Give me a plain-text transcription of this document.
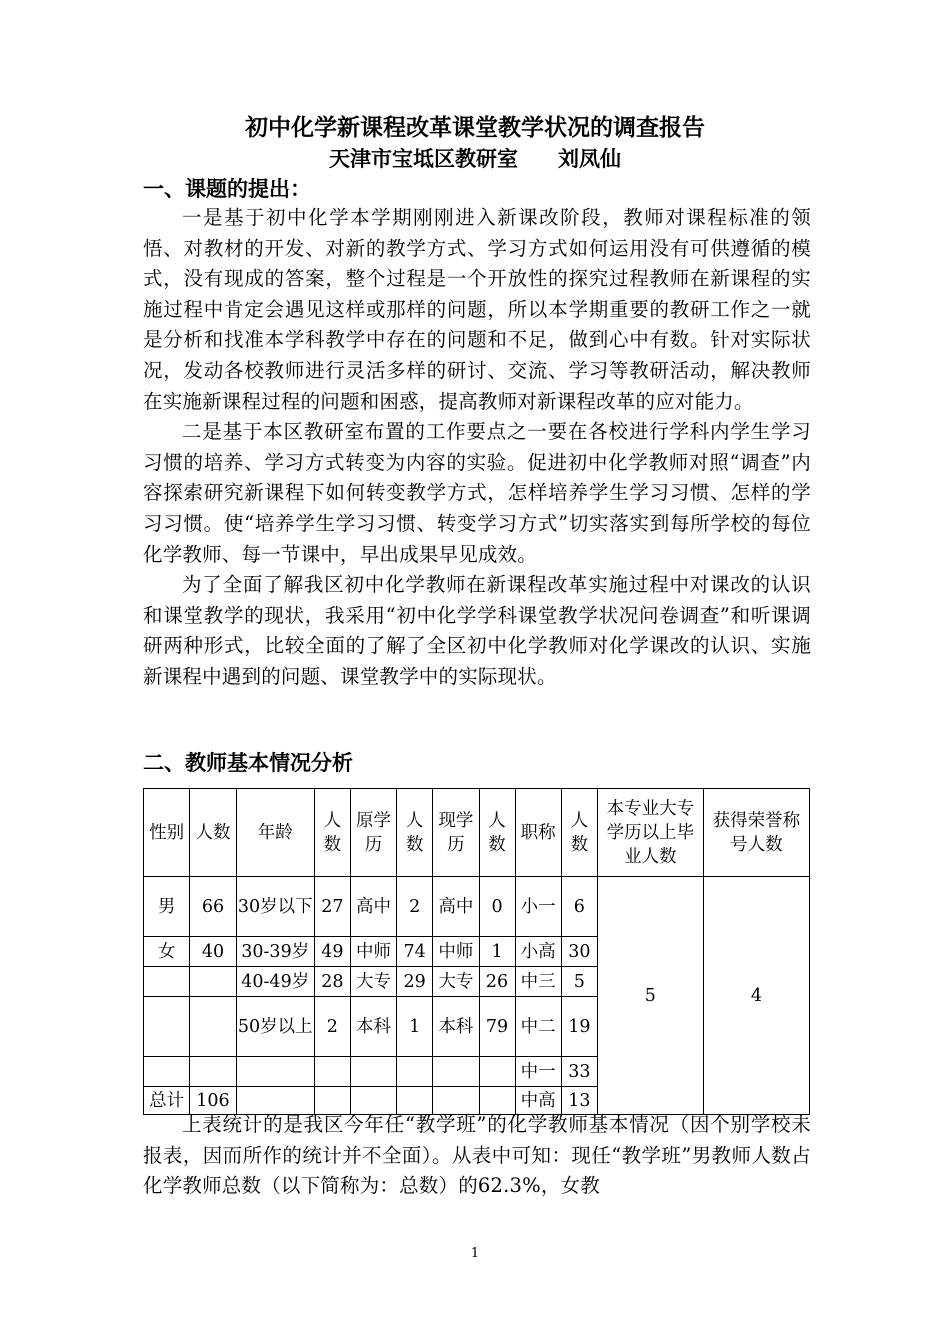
初中化学新课程改革课堂教学状况的调查报告
天津市宝坻区教研室 刘凤仙
一、课题的提出：

一是基于初中化学本学期刚刚进入新课改阶段，教师对课程标准的领悟、对教材的开发、对新的教学方式、学习方式如何运用没有可供遵循的模式，没有现成的答案，整个过程是一个开放性的探究过程教师在新课程的实施过程中肯定会遇见这样或那样的问题，所以本学期重要的教研工作之一就是分析和找准本学科教学中存在的问题和不足，做到心中有数。针对实际状况，发动各校教师进行灵活多样的研讨、交流、学习等教研活动，解决教师在实施新课程过程的问题和困惑，提高教师对新课程改革的应对能力。

二是基于本区教研室布置的工作要点之一要在各校进行学科内学生学习习惯的培养、学习方式转变为内容的实验。促进初中化学教师对照“调查”内容探索研究新课程下如何转变教学方式，怎样培养学生学习习惯、怎样的学习习惯。使“培养学生学习习惯、转变学习方式”切实落实到每所学校的每位化学教师、每一节课中，早出成果早见成效。

为了全面了解我区初中化学教师在新课程改革实施过程中对课改的认识和课堂教学的现状，我采用“初中化学学科课堂教学状况问卷调查”和听课调研两种形式，比较全面的了解了全区初中化学教师对化学课改的认识、实施新课程中遇到的问题、课堂教学中的实际现状。

二、教师基本情况分析
性别	人数	年龄	人数	原学历	人数	现学历	人数	职称	人数	本专业大专学历以上毕业人数	获得荣誉称号人数
男	66	30岁以下	27	高中	2	高中	0	小一	6	5	4
女	40	30-39岁	49	中师	74	中师	1	小高	30		
		40-49岁	28	大专	29	大专	26	中三	5		
		50岁以上	2	本科	1	本科	79	中二	19		
								中一	33		
总计	106							中高	13		

上表统计的是我区今年任“教学班”的化学教师基本情况（因个别学校未报表，因而所作的统计并不全面）。从表中可知：现任“教学班”男教师人数占化学教师总数（以下简称为：总数）的62.3%，女教

1
